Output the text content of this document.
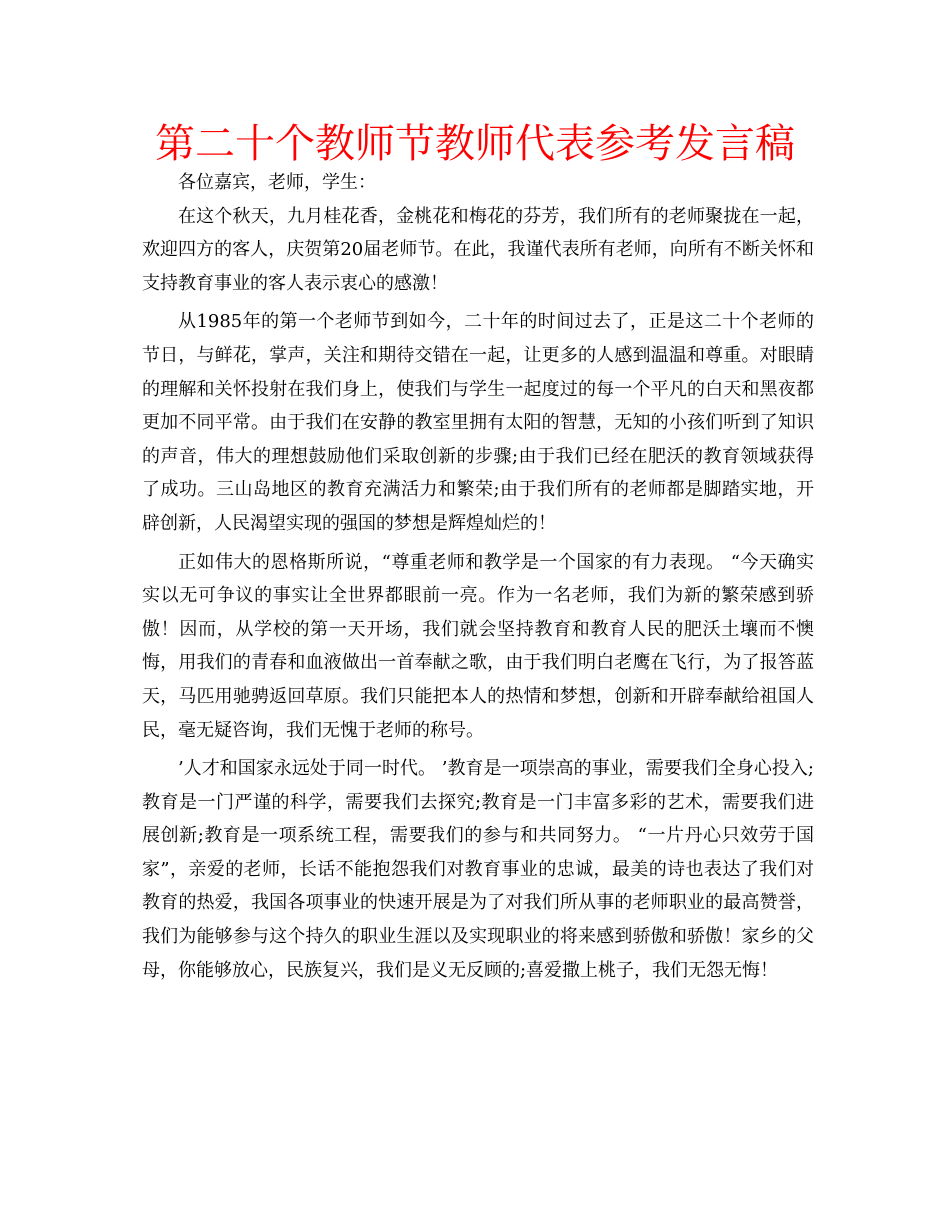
第二十个教师节教师代表参考发言稿

各位嘉宾，老师，学生：

在这个秋天，九月桂花香，金桃花和梅花的芬芳，我们所有的老师聚拢在一起，欢迎四方的客人，庆贺第20届老师节。在此，我谨代表所有老师，向所有不断关怀和支持教育事业的客人表示衷心的感激！

从1985年的第一个老师节到如今，二十年的时间过去了，正是这二十个老师的节日，与鲜花，掌声，关注和期待交错在一起，让更多的人感到温温和尊重。对眼睛的理解和关怀投射在我们身上，使我们与学生一起度过的每一个平凡的白天和黑夜都更加不同平常。由于我们在安静的教室里拥有太阳的智慧，无知的小孩们听到了知识的声音，伟大的理想鼓励他们采取创新的步骤;由于我们已经在肥沃的教育领域获得了成功。三山岛地区的教育充满活力和繁荣;由于我们所有的老师都是脚踏实地，开辟创新，人民渴望实现的强国的梦想是辉煌灿烂的！

正如伟大的恩格斯所说，“尊重老师和教学是一个国家的有力表现。 “今天确实实以无可争议的事实让全世界都眼前一亮。作为一名老师，我们为新的繁荣感到骄傲！因而，从学校的第一天开场，我们就会坚持教育和教育人民的肥沃土壤而不懊悔，用我们的青春和血液做出一首奉献之歌，由于我们明白老鹰在飞行，为了报答蓝天，马匹用驰骋返回草原。我们只能把本人的热情和梦想，创新和开辟奉献给祖国人民，毫无疑咨询，我们无愧于老师的称号。

’人才和国家永远处于同一时代。 ’教育是一项崇高的事业，需要我们全身心投入;教育是一门严谨的科学，需要我们去探究;教育是一门丰富多彩的艺术，需要我们进展创新;教育是一项系统工程，需要我们的参与和共同努力。 “一片丹心只效劳于国家”，亲爱的老师，长话不能抱怨我们对教育事业的忠诚，最美的诗也表达了我们对教育的热爱，我国各项事业的快速开展是为了对我们所从事的老师职业的最高赞誉，我们为能够参与这个持久的职业生涯以及实现职业的将来感到骄傲和骄傲！家乡的父母，你能够放心，民族复兴，我们是义无反顾的;喜爱撒上桃子，我们无怨无悔！
